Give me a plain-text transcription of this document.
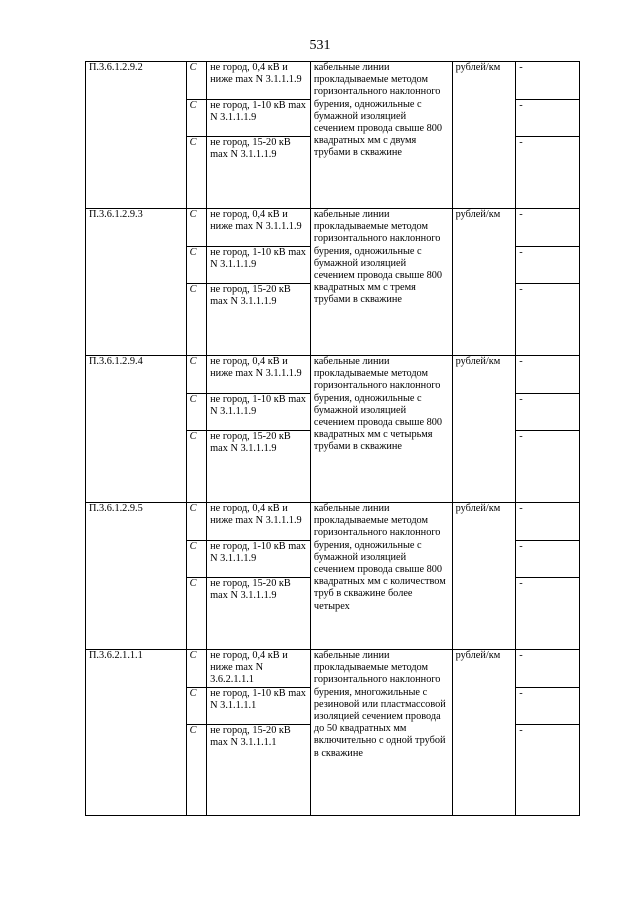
531
П.3.6.1.2.9.2	С	не город, 0,4 кВ и ниже max N 3.1.1.1.9	кабельные линии прокладываемые методом горизонтального наклонного бурения, одножильные с бумажной изоляцией сечением провода свыше 800 квадратных мм с двумя трубами в скважине	рублей/км	-
	С	не город, 1-10 кВ max N 3.1.1.1.9			-
	С	не город, 15-20 кВ max N 3.1.1.1.9			-
П.3.6.1.2.9.3	С	не город, 0,4 кВ и ниже max N 3.1.1.1.9	кабельные линии прокладываемые методом горизонтального наклонного бурения, одножильные с бумажной изоляцией сечением провода свыше 800 квадратных мм с тремя трубами в скважине	рублей/км	-
	С	не город, 1-10 кВ max N 3.1.1.1.9			-
	С	не город, 15-20 кВ max N 3.1.1.1.9			-
П.3.6.1.2.9.4	С	не город, 0,4 кВ и ниже max N 3.1.1.1.9	кабельные линии прокладываемые методом горизонтального наклонного бурения, одножильные с бумажной изоляцией сечением провода свыше 800 квадратных мм с четырьмя трубами в скважине	рублей/км	-
	С	не город, 1-10 кВ max N 3.1.1.1.9			-
	С	не город, 15-20 кВ max N 3.1.1.1.9			-
П.3.6.1.2.9.5	С	не город, 0,4 кВ и ниже max N 3.1.1.1.9	кабельные линии прокладываемые методом горизонтального наклонного бурения, одножильные с бумажной изоляцией сечением провода свыше 800 квадратных мм с количеством труб в скважине более четырех	рублей/км	-
	С	не город, 1-10 кВ max N 3.1.1.1.9			-
	С	не город, 15-20 кВ max N 3.1.1.1.9			-
П.3.6.2.1.1.1	С	не город, 0,4 кВ и ниже max N 3.6.2.1.1.1	кабельные линии прокладываемые методом горизонтального наклонного бурения, многожильные с резиновой или пластмассовой изоляцией сечением провода до 50 квадратных мм включительно с одной трубой в скважине	рублей/км	-
	С	не город, 1-10 кВ max N 3.1.1.1.1			-
	С	не город, 15-20 кВ max N 3.1.1.1.1			-
